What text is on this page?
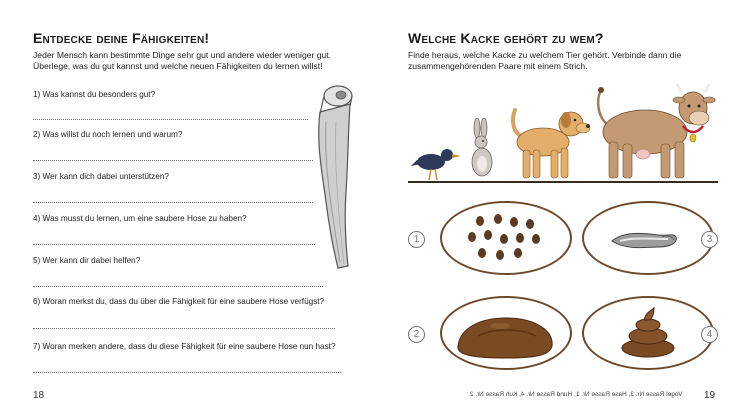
Entdecke deine Fähigkeiten!

Jeder Mensch kann bestimmte Dinge sehr gut und andere wieder weniger gut. Überlege, was du gut kannst und welche neuen Fähigkeiten du lernen willst!

1) Was kannst du besonders gut?
2) Was willst du noch lernen und warum?
3) Wer kann dich dabei unterstützen?
4) Was musst du lernen, um eine saubere Hose zu haben?
5) Wer kann dir dabei helfen?
6) Woran merkst du, dass du über die Fähigkeit für eine saubere Hose verfügst?
7) Woran merken andere, dass du diese Fähigkeit für eine saubere Hose nun hast?
18
Welche Kacke gehört zu wem?

Finde heraus, welche Kacke zu welchem Tier gehört. Verbinde dann die zusammengehörenden Paare mit einem Strich.

1	3
2	4
Vogel Rasse Nr. 3, Hase Rasse Nr. 1, Hund Rasse Nr. 4, Kuh Rasse Nr. 2 19
